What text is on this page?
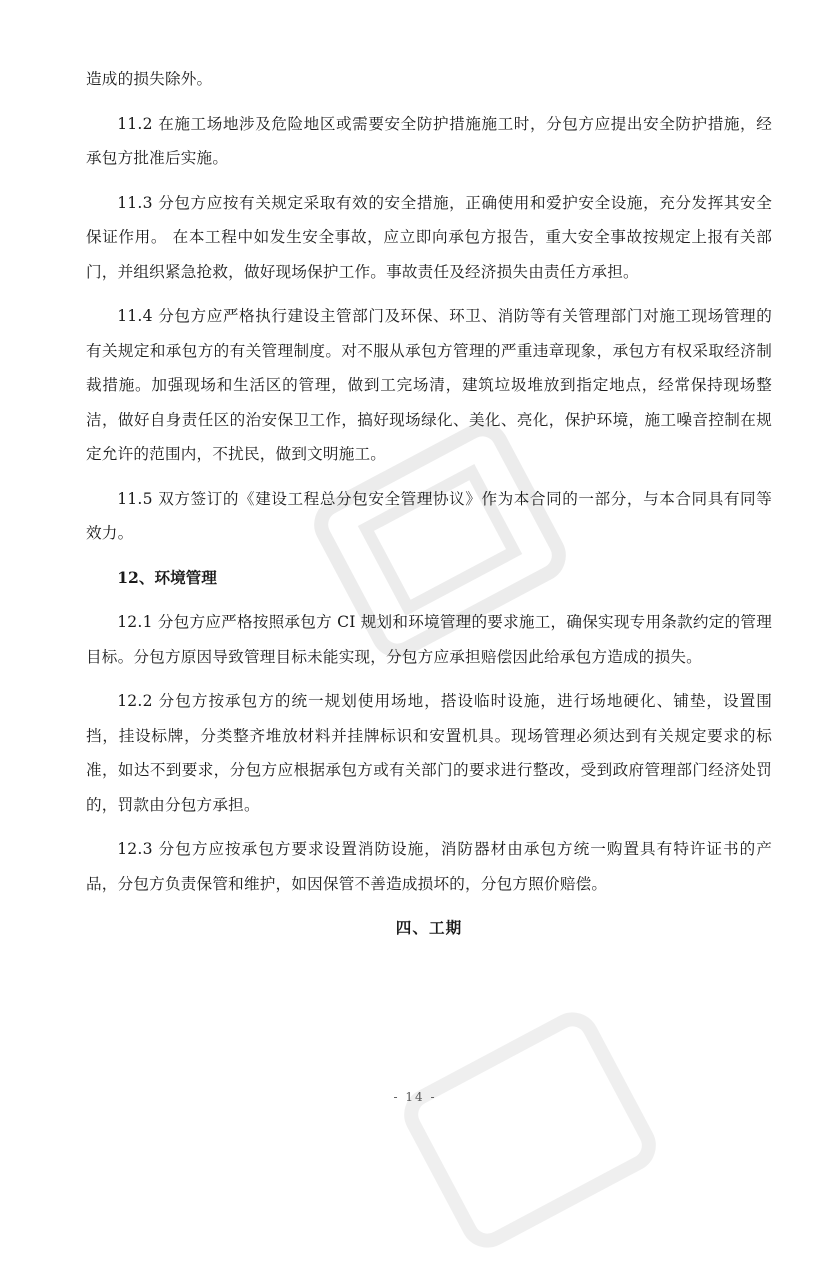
造成的损失除外。

11.2 在施工场地涉及危险地区或需要安全防护措施施工时，分包方应提出安全防护措施，经承包方批准后实施。

11.3 分包方应按有关规定采取有效的安全措施，正确使用和爱护安全设施，充分发挥其安全保证作用。 在本工程中如发生安全事故，应立即向承包方报告，重大安全事故按规定上报有关部门，并组织紧急抢救，做好现场保护工作。事故责任及经济损失由责任方承担。

11.4 分包方应严格执行建设主管部门及环保、环卫、消防等有关管理部门对施工现场管理的有关规定和承包方的有关管理制度。对不服从承包方管理的严重违章现象，承包方有权采取经济制裁措施。加强现场和生活区的管理，做到工完场清，建筑垃圾堆放到指定地点，经常保持现场整洁，做好自身责任区的治安保卫工作，搞好现场绿化、美化、亮化，保护环境，施工噪音控制在规定允许的范围内，不扰民，做到文明施工。

11.5 双方签订的《建设工程总分包安全管理协议》作为本合同的一部分，与本合同具有同等效力。

12、环境管理

12.1 分包方应严格按照承包方 CI 规划和环境管理的要求施工，确保实现专用条款约定的管理目标。分包方原因导致管理目标未能实现，分包方应承担赔偿因此给承包方造成的损失。

12.2 分包方按承包方的统一规划使用场地，搭设临时设施，进行场地硬化、铺垫，设置围挡，挂设标牌，分类整齐堆放材料并挂牌标识和安置机具。现场管理必须达到有关规定要求的标准，如达不到要求，分包方应根据承包方或有关部门的要求进行整改，受到政府管理部门经济处罚的，罚款由分包方承担。

12.3 分包方应按承包方要求设置消防设施，消防器材由承包方统一购置具有特许证书的产品，分包方负责保管和维护，如因保管不善造成损坏的，分包方照价赔偿。

四、工期

- 14 -
